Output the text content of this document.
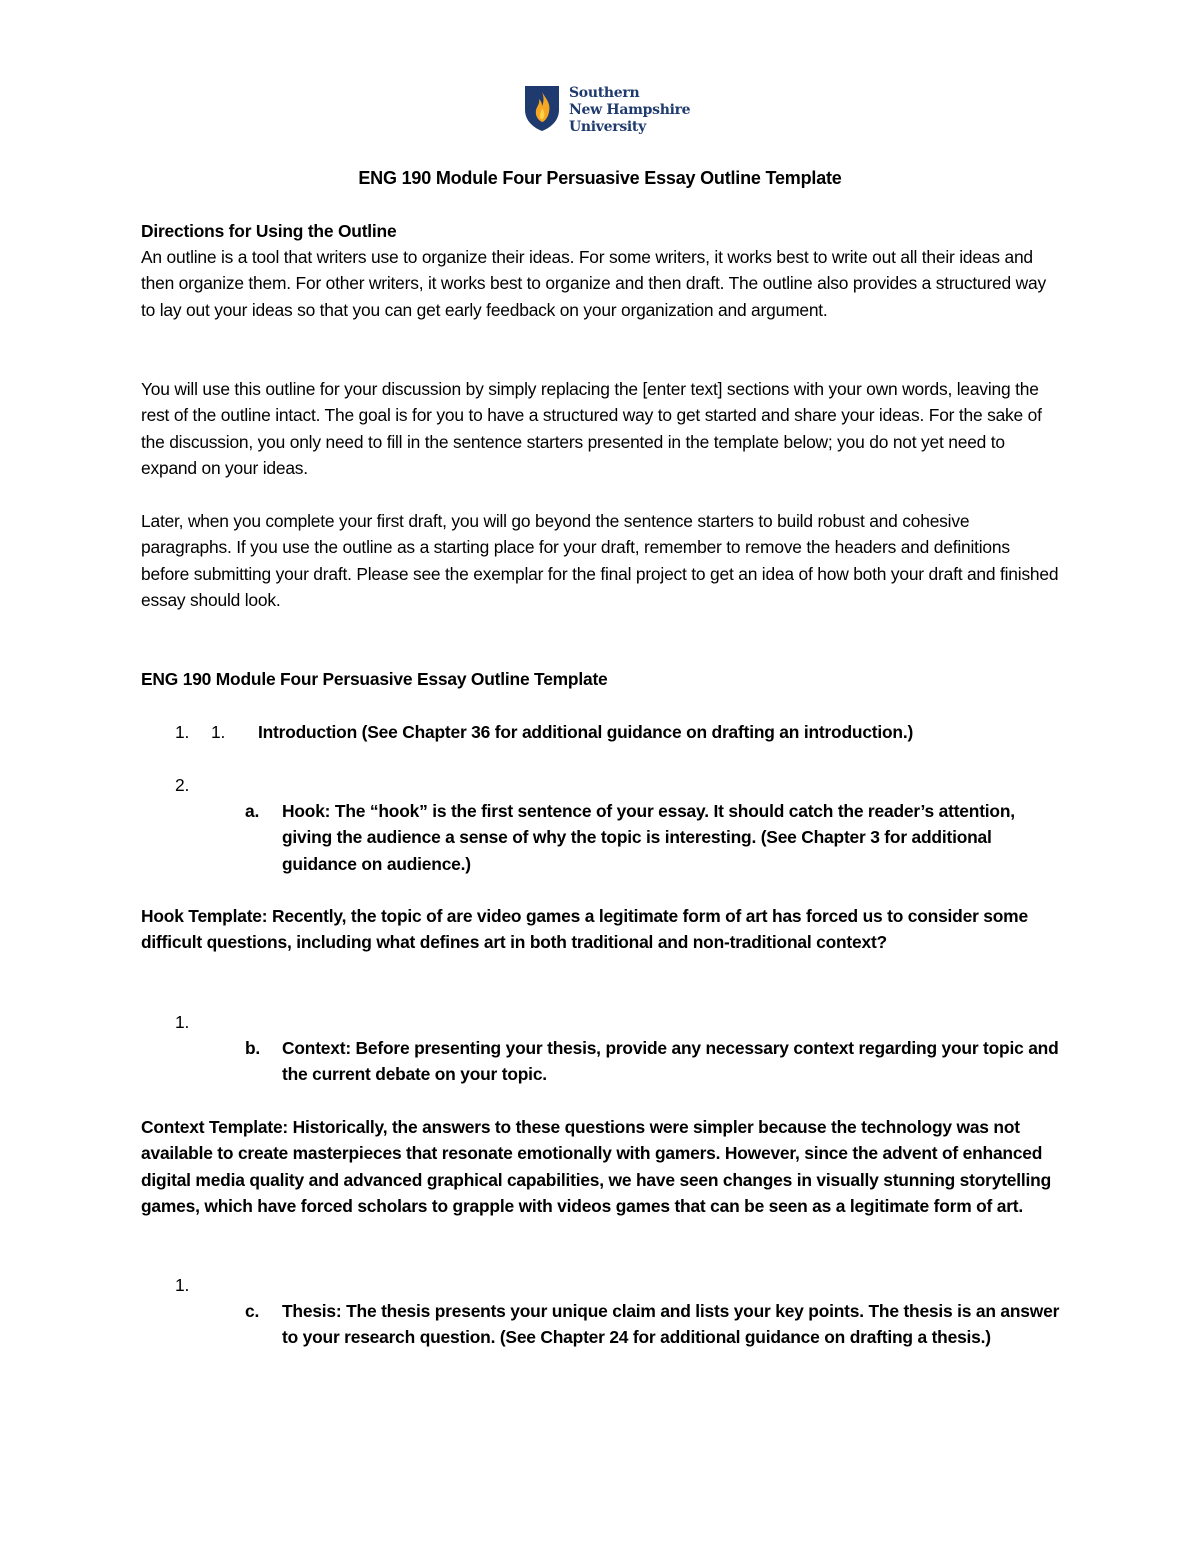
Southern
New Hampshire
University

ENG 190 Module Four Persuasive Essay Outline Template

Directions for Using the Outline

An outline is a tool that writers use to organize their ideas. For some writers, it works best to write out all their ideas and then organize them. For other writers, it works best to organize and then draft. The outline also provides a structured way to lay out your ideas so that you can get early feedback on your organization and argument.

You will use this outline for your discussion by simply replacing the [enter text] sections with your own words, leaving the rest of the outline intact. The goal is for you to have a structured way to get started and share your ideas. For the sake of the discussion, you only need to fill in the sentence starters presented in the template below; you do not yet need to expand on your ideas.

Later, when you complete your first draft, you will go beyond the sentence starters to build robust and cohesive paragraphs. If you use the outline as a starting place for your draft, remember to remove the headers and definitions before submitting your draft. Please see the exemplar for the final project to get an idea of how both your draft and finished essay should look.

ENG 190 Module Four Persuasive Essay Outline Template

1. 1. Introduction (See Chapter 36 for additional guidance on drafting an introduction.)
2.
a. Hook: The “hook” is the first sentence of your essay. It should catch the reader’s attention, giving the audience a sense of why the topic is interesting. (See Chapter 3 for additional guidance on audience.)

Hook Template: Recently, the topic of are video games a legitimate form of art has forced us to consider some difficult questions, including what defines art in both traditional and non-traditional context?

1.
b. Context: Before presenting your thesis, provide any necessary context regarding your topic and the current debate on your topic.

Context Template: Historically, the answers to these questions were simpler because the technology was not available to create masterpieces that resonate emotionally with gamers. However, since the advent of enhanced digital media quality and advanced graphical capabilities, we have seen changes in visually stunning storytelling games, which have forced scholars to grapple with videos games that can be seen as a legitimate form of art.

1.
c. Thesis: The thesis presents your unique claim and lists your key points. The thesis is an answer to your research question. (See Chapter 24 for additional guidance on drafting a thesis.)
